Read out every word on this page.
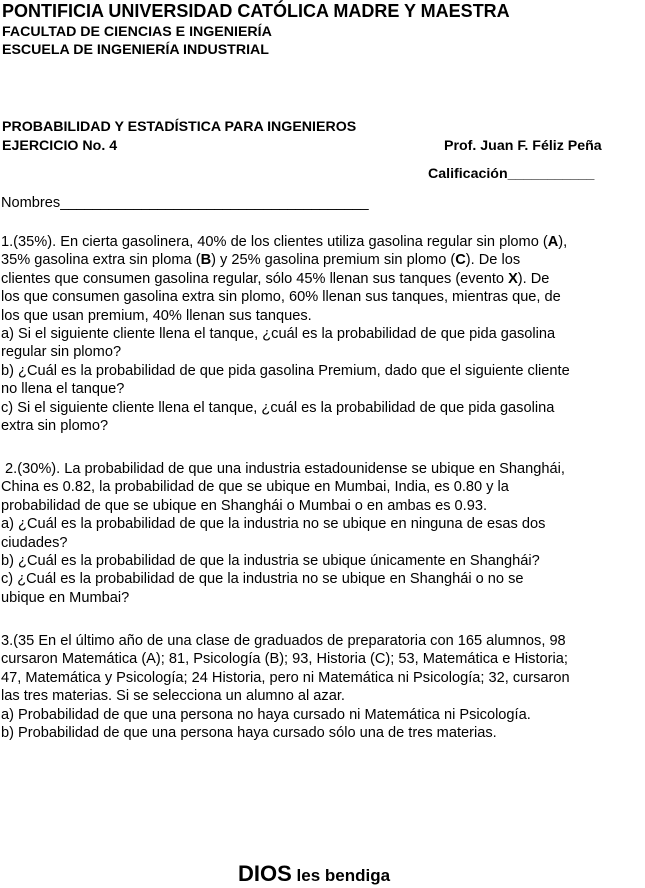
PONTIFICIA UNIVERSIDAD CATÓLICA MADRE Y MAESTRA
FACULTAD DE CIENCIAS E INGENIERÍA
ESCUELA DE INGENIERÍA INDUSTRIAL
PROBABILIDAD Y ESTADÍSTICA PARA INGENIEROS
EJERCICIO No. 4	Prof. Juan F. Féliz Peña
Calificación___________
Nombres______________________________________
1.(35%). En cierta gasolinera, 40% de los clientes utiliza gasolina regular sin plomo (A),
35% gasolina extra sin ploma (B) y 25% gasolina premium sin plomo (C). De los
clientes que consumen gasolina regular, sólo 45% llenan sus tanques (evento X). De
los que consumen gasolina extra sin plomo, 60% llenan sus tanques, mientras que, de
los que usan premium, 40% llenan sus tanques.
a) Si el siguiente cliente llena el tanque, ¿cuál es la probabilidad de que pida gasolina
regular sin plomo?
b) ¿Cuál es la probabilidad de que pida gasolina Premium, dado que el siguiente cliente
no llena el tanque?
c) Si el siguiente cliente llena el tanque, ¿cuál es la probabilidad de que pida gasolina
extra sin plomo?
2.(30%). La probabilidad de que una industria estadounidense se ubique en Shanghái,
China es 0.82, la probabilidad de que se ubique en Mumbai, India, es 0.80 y la
probabilidad de que se ubique en Shanghái o Mumbai o en ambas es 0.93.
a) ¿Cuál es la probabilidad de que la industria no se ubique en ninguna de esas dos
ciudades?
b) ¿Cuál es la probabilidad de que la industria se ubique únicamente en Shanghái?
c) ¿Cuál es la probabilidad de que la industria no se ubique en Shanghái o no se
ubique en Mumbai?
3.(35 En el último año de una clase de graduados de preparatoria con 165 alumnos, 98
cursaron Matemática (A); 81, Psicología (B); 93, Historia (C); 53, Matemática e Historia;
47, Matemática y Psicología; 24 Historia, pero ni Matemática ni Psicología; 32, cursaron
las tres materias. Si se selecciona un alumno al azar.
a) Probabilidad de que una persona no haya cursado ni Matemática ni Psicología.
b) Probabilidad de que una persona haya cursado sólo una de tres materias.
DIOS les bendiga
